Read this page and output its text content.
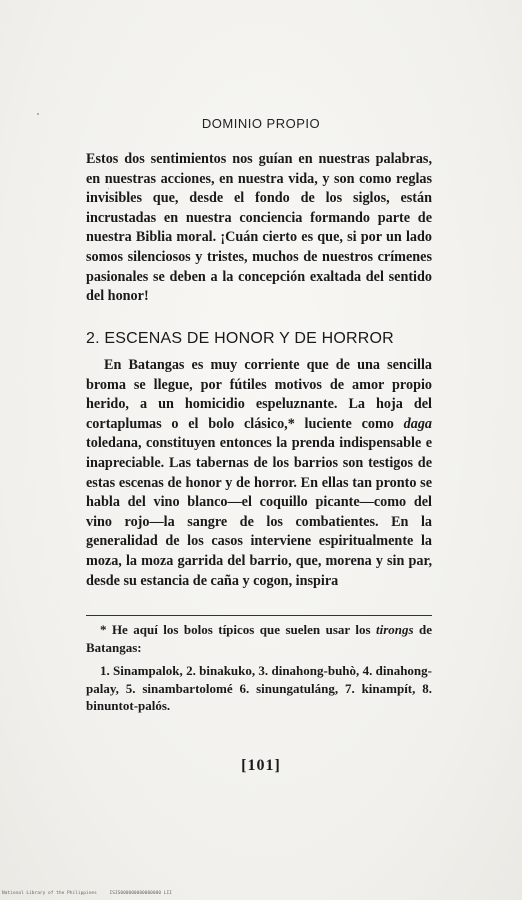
DOMINIO PROPIO

Estos dos sentimientos nos guían en nuestras palabras, en nuestras acciones, en nuestra vida, y son como reglas invisibles que, desde el fondo de los siglos, están incrustadas en nuestra conciencia formando parte de nuestra Biblia moral. ¡Cuán cierto es que, si por un lado somos silenciosos y tristes, muchos de nuestros crímenes pasionales se deben a la concepción exaltada del sentido del honor!

2. ESCENAS DE HONOR Y DE HORROR

En Batangas es muy corriente que de una sencilla broma se llegue, por fútiles motivos de amor propio herido, a un homicidio espeluznante. La hoja del cortaplumas o el bolo clásico,* luciente como daga toledana, constituyen entonces la prenda indispensable e inapreciable. Las tabernas de los barrios son testigos de estas escenas de honor y de horror. En ellas tan pronto se habla del vino blanco—el coquillo picante—como del vino rojo—la sangre de los combatientes. En la generalidad de los casos interviene espiritualmente la moza, la moza garrida del barrio, que, morena y sin par, desde su estancia de caña y cogon, inspira

* He aquí los bolos típicos que suelen usar los tirongs de Batangas:

1. Sinampalok, 2. binakuko, 3. dinahong-buhò, 4. dinahong-palay, 5. sinambartolomé 6. sinungatuláng, 7. kinampít, 8. binuntot-palós.

[101]
National Library of the Philippines	ISIS000000000000000 LII
